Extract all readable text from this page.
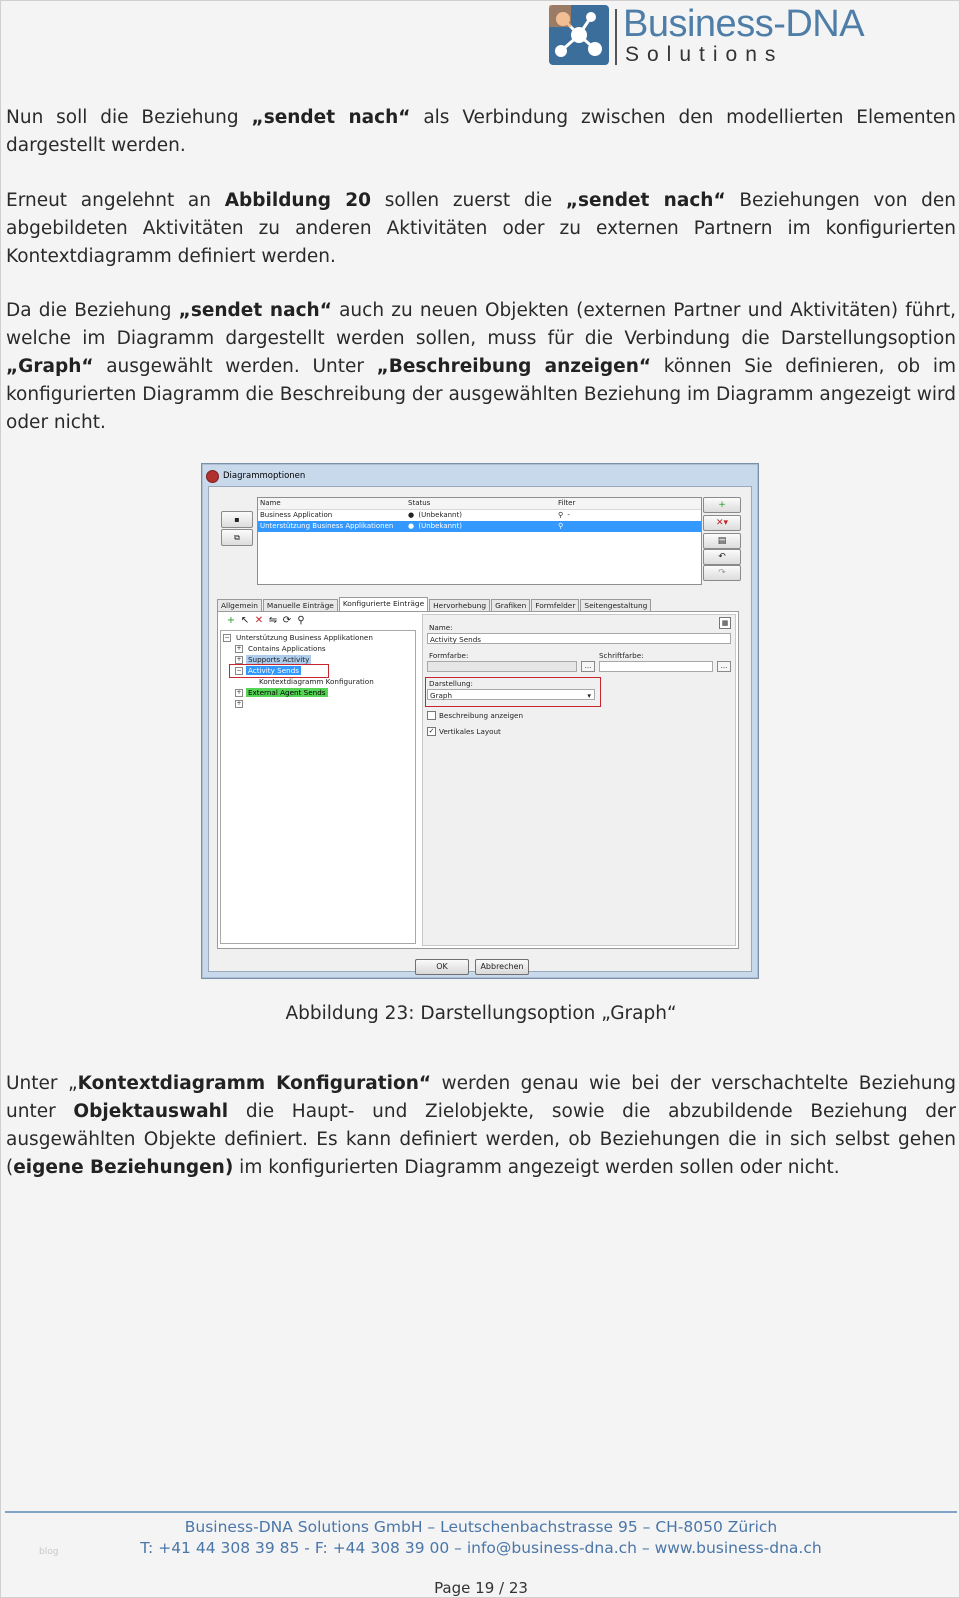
Business-DNA
Solutions
Nun soll die Beziehung „sendet nach“ als Verbindung zwischen den modellierten Elementen dargestellt werden.
Erneut angelehnt an Abbildung 20 sollen zuerst die „sendet nach“ Beziehungen von den abgebildeten Aktivitäten zu anderen Aktivitäten oder zu externen Partnern im konfigurierten Kontextdiagramm definiert werden.
Da die Beziehung „sendet nach“ auch zu neuen Objekten (externen Partner und Aktivitäten) führt, welche im Diagramm dargestellt werden sollen, muss für die Verbindung die Darstellungsoption „Graph“ ausgewählt werden. Unter „Beschreibung anzeigen“ können Sie definieren, ob im konfigurierten Diagramm die Beschreibung der ausgewählten Beziehung im Diagramm angezeigt wird oder nicht.
Diagrammoptionen
▪
⧉
Name	Status	Filter
Business Application	● (Unbekannt)	⚲ -
Unterstützung Business Applikationen	● (Unbekannt)	⚲
+
✕▾
▤
↶
↷
Allgemein	Manuelle Einträge	Konfigurierte Einträge	Hervorhebung	Grafiken	Formfelder	Seitengestaltung
+ ↖ ✕ ⇋ ⟳ ⚲
− Unterstützung Business Applikationen
+ Contains Applications
+ Supports Activity
− Activity Sends
Kontextdiagramm Konfiguration
+ External Agent Sends
+
Name:
Activity Sends
Formfarbe:
...
Schriftfarbe:
...
Darstellung:
Graph	▾
Beschreibung anzeigen
✓ Vertikales Layout
▦
OK	Abbrechen
Abbildung 23: Darstellungsoption „Graph“
Unter „Kontextdiagramm Konfiguration“ werden genau wie bei der verschachtelte Beziehung unter Objektauswahl die Haupt- und Zielobjekte, sowie die abzubildende Beziehung der ausgewählten Objekte definiert. Es kann definiert werden, ob Beziehungen die in sich selbst gehen (eigene Beziehungen) im konfigurierten Diagramm angezeigt werden sollen oder nicht.
Business-DNA Solutions GmbH – Leutschenbachstrasse 95 – CH-8050 Zürich
T: +41 44 308 39 85 - F: +44 308 39 00 – info@business-dna.ch – www.business-dna.ch
blog
Page 19 / 23
